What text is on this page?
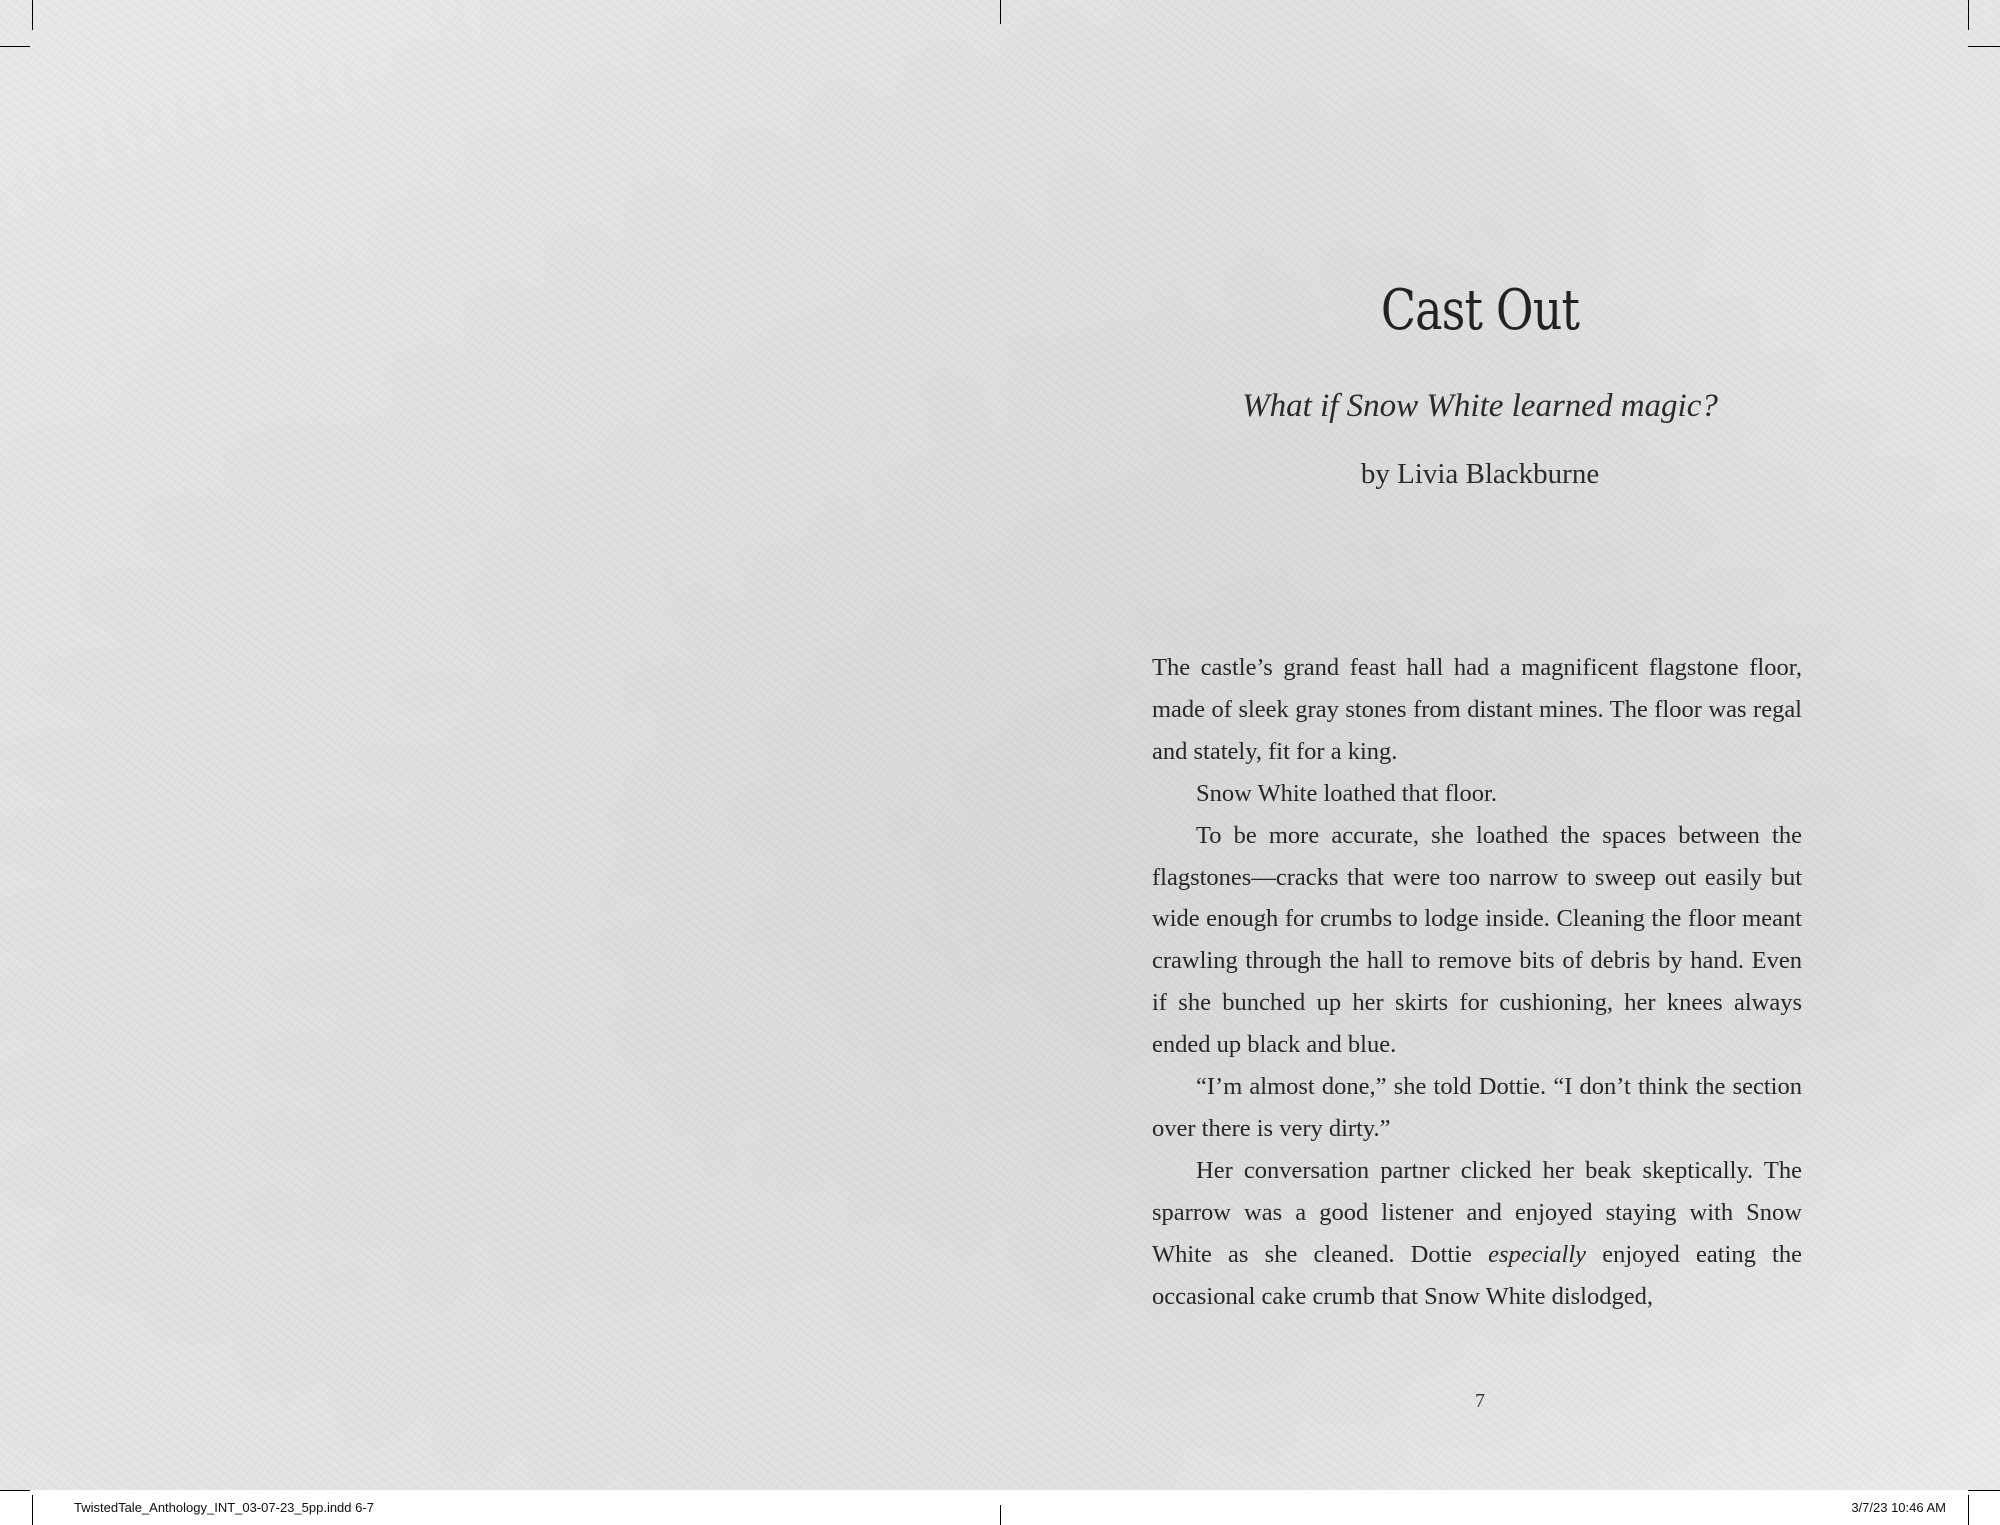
Cast Out
What if Snow White learned magic?
by Livia Blackburne

The castle’s grand feast hall had a magnificent flagstone floor, made of sleek gray stones from distant mines. The floor was regal and stately, fit for a king.

Snow White loathed that floor.

To be more accurate, she loathed the spaces between the flagstones—cracks that were too narrow to sweep out easily but wide enough for crumbs to lodge inside. Cleaning the floor meant crawling through the hall to remove bits of debris by hand. Even if she bunched up her skirts for cushioning, her knees always ended up black and blue.

“I’m almost done,” she told Dottie. “I don’t think the section over there is very dirty.”

Her conversation partner clicked her beak skeptically. The sparrow was a good listener and enjoyed staying with Snow White as she cleaned. Dottie especially enjoyed eating the occasional cake crumb that Snow White dislodged,

7
TwistedTale_Anthology_INT_03-07-23_5pp.indd 6-7	3/7/23 10:46 AM
